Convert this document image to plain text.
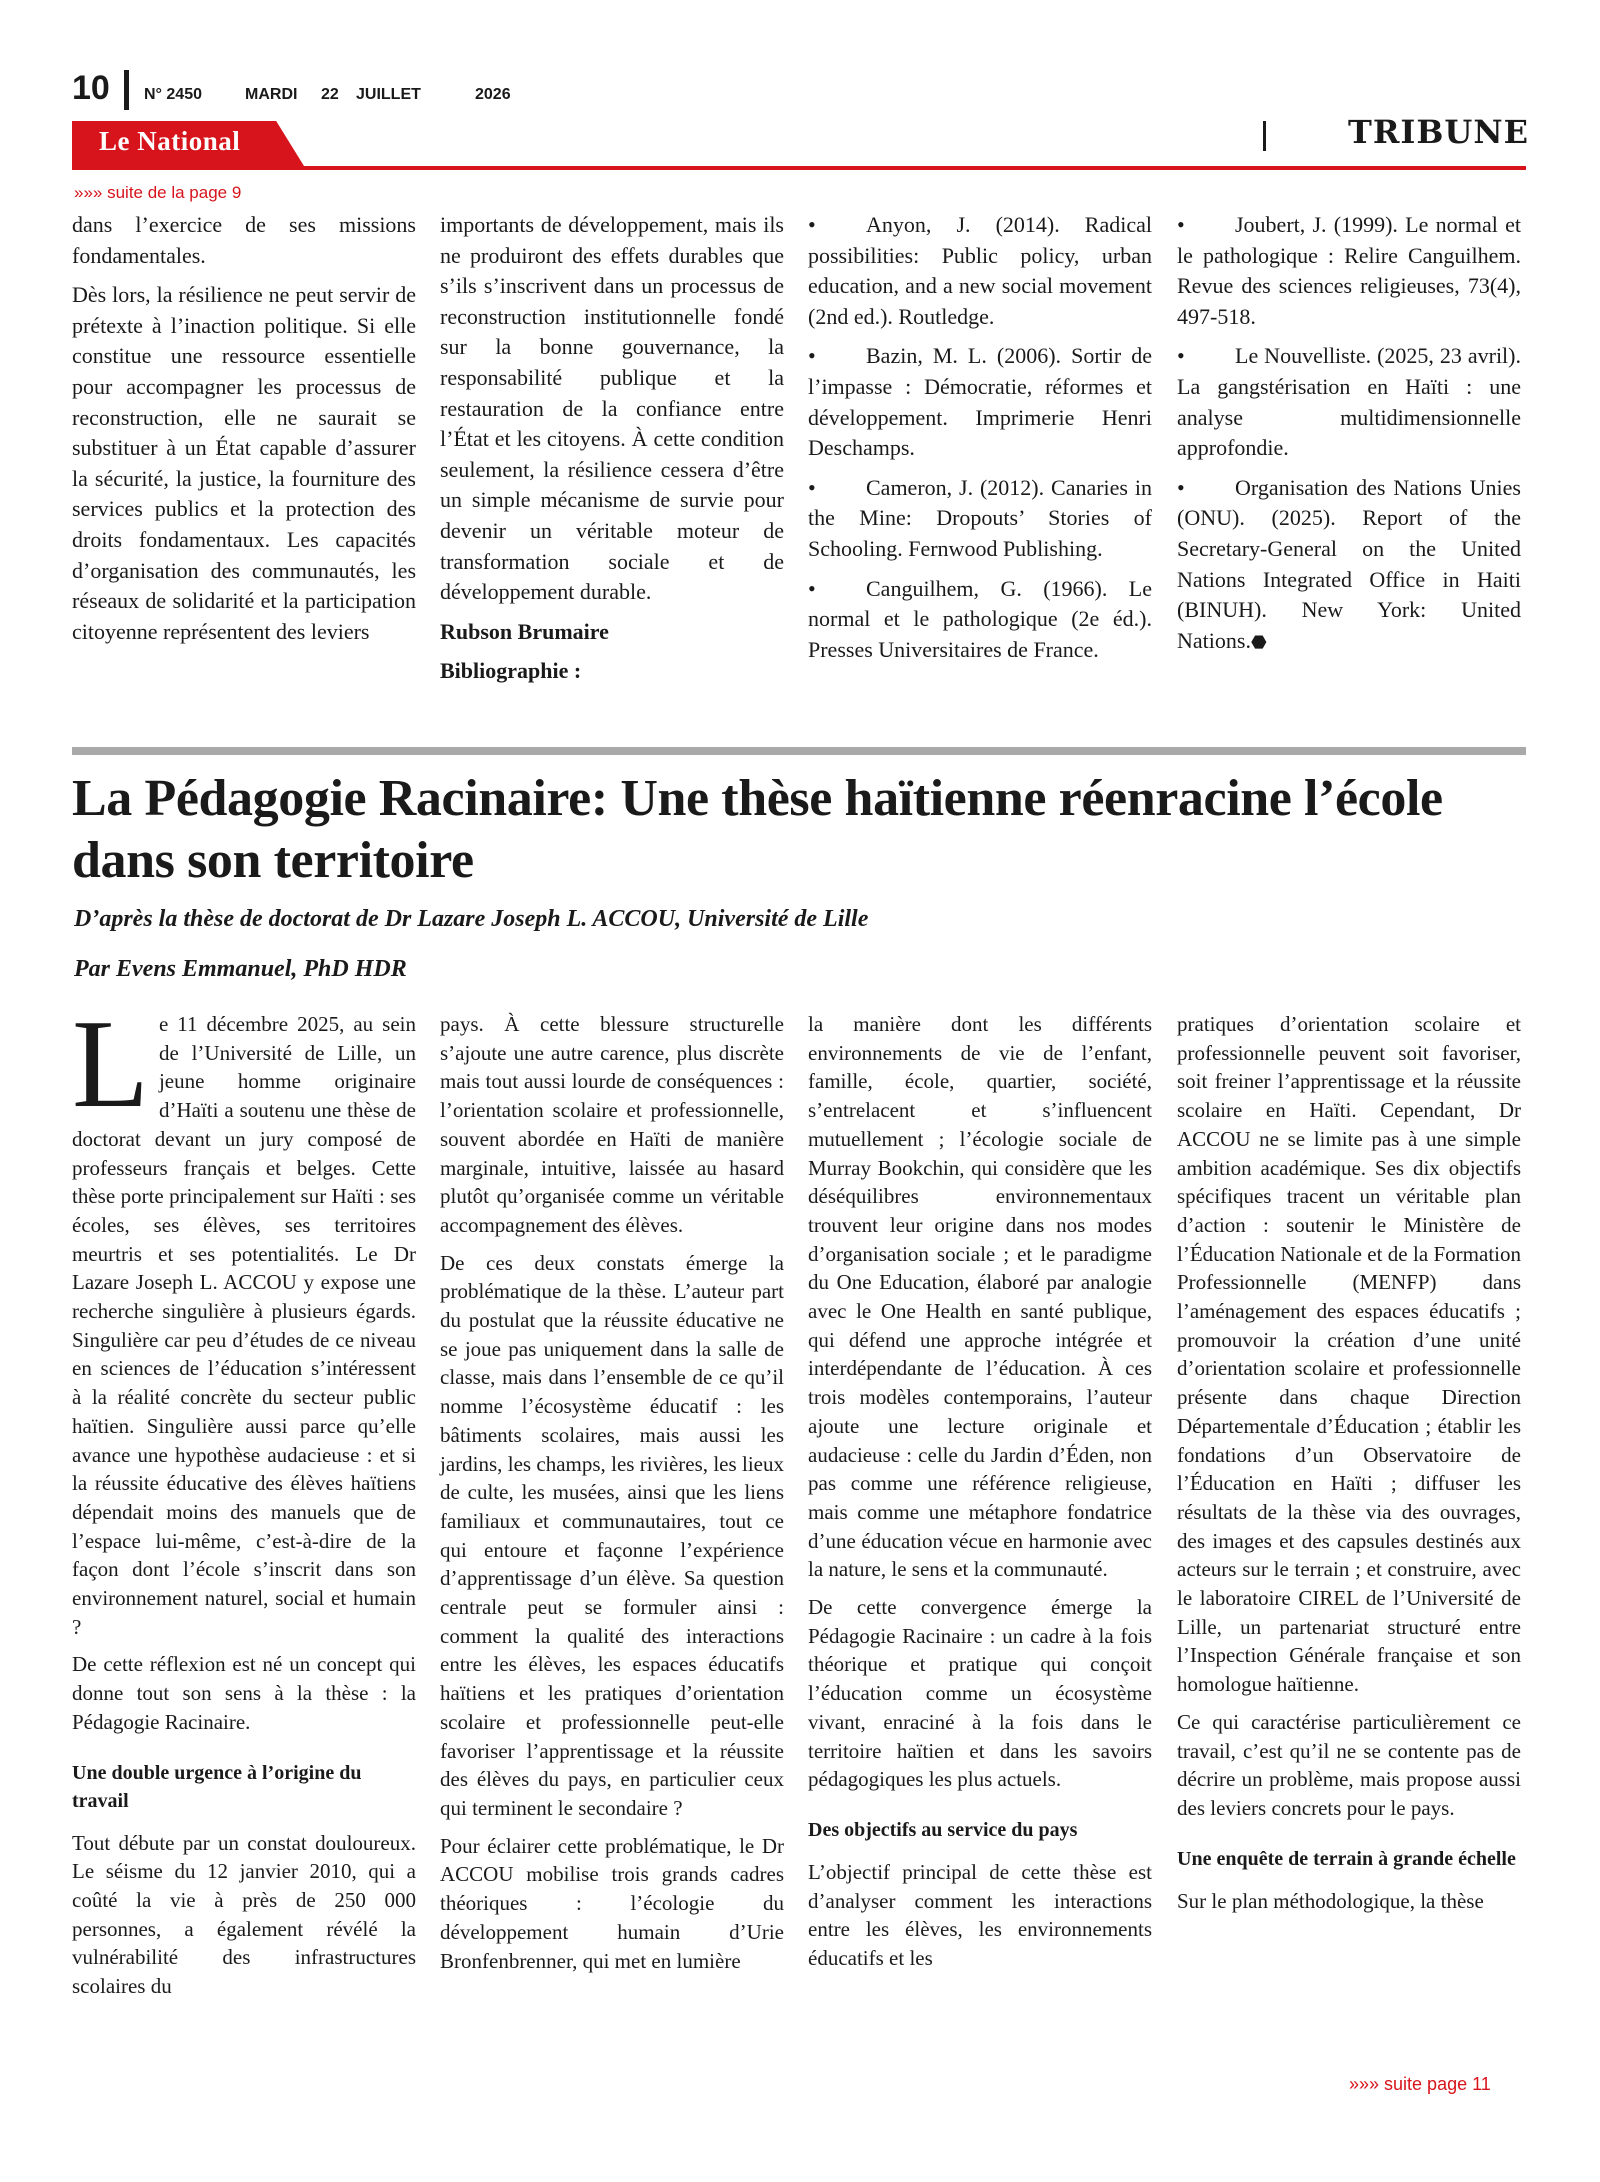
10 N° 2450	MARDI 22 JUILLET	2026
Le National	TRIBUNE
»»» suite de la page 9

dans l’exercice de ses missions fondamentales.

Dès lors, la résilience ne peut servir de prétexte à l’inaction politique. Si elle constitue une ressource essentielle pour accompagner les processus de reconstruction, elle ne saurait se substituer à un État capable d’assurer la sécurité, la justice, la fourniture des services publics et la protection des droits fondamentaux. Les capacités d’organisation des communautés, les réseaux de solidarité et la participation citoyenne représentent des leviers

importants de développement, mais ils ne produiront des effets durables que s’ils s’inscrivent dans un processus de reconstruction institutionnelle fondé sur la bonne gouvernance, la responsabilité publique et la restauration de la confiance entre l’État et les citoyens. À cette condition seulement, la résilience cessera d’être un simple mécanisme de survie pour devenir un véritable moteur de transformation sociale et de développement durable.

Rubson Brumaire

Bibliographie :

• Anyon, J. (2014). Radical possibilities: Public policy, urban education, and a new social movement (2nd ed.). Routledge.

• Bazin, M. L. (2006). Sortir de l’impasse : Démocratie, réformes et développement. Imprimerie Henri Deschamps.

• Cameron, J. (2012). Canaries in the Mine: Dropouts’ Stories of Schooling. Fernwood Publishing.

• Canguilhem, G. (1966). Le normal et le pathologique (2e éd.). Presses Universitaires de France.

• Joubert, J. (1999). Le normal et le pathologique : Relire Canguilhem. Revue des sciences religieuses, 73(4), 497-518.

• Le Nouvelliste. (2025, 23 avril). La gangstérisation en Haïti : une analyse multidimensionnelle approfondie.

• Organisation des Nations Unies (ONU). (2025). Report of the Secretary-General on the United Nations Integrated Office in Haiti (BINUH). New York: United Nations.⬣

La Pédagogie Racinaire: Une thèse haïtienne réenracine l’école dans son territoire
D’après la thèse de doctorat de Dr Lazare Joseph L. ACCOU, Université de Lille
Par Evens Emmanuel, PhD HDR

Le 11 décembre 2025, au sein de l’Université de Lille, un jeune homme originaire d’Haïti a soutenu une thèse de doctorat devant un jury composé de professeurs français et belges. Cette thèse porte principalement sur Haïti : ses écoles, ses élèves, ses territoires meurtris et ses potentialités. Le Dr Lazare Joseph L. ACCOU y expose une recherche singulière à plusieurs égards. Singulière car peu d’études de ce niveau en sciences de l’éducation s’intéressent à la réalité concrète du secteur public haïtien. Singulière aussi parce qu’elle avance une hypothèse audacieuse : et si la réussite éducative des élèves haïtiens dépendait moins des manuels que de l’espace lui-même, c’est-à-dire de la façon dont l’école s’inscrit dans son environnement naturel, social et humain ?

De cette réflexion est né un concept qui donne tout son sens à la thèse : la Pédagogie Racinaire.

Une double urgence à l’origine du travail

Tout débute par un constat douloureux. Le séisme du 12 janvier 2010, qui a coûté la vie à près de 250 000 personnes, a également révélé la vulnérabilité des infrastructures scolaires du

pays. À cette blessure structurelle s’ajoute une autre carence, plus discrète mais tout aussi lourde de conséquences : l’orientation scolaire et professionnelle, souvent abordée en Haïti de manière marginale, intuitive, laissée au hasard plutôt qu’organisée comme un véritable accompagnement des élèves.

De ces deux constats émerge la problématique de la thèse. L’auteur part du postulat que la réussite éducative ne se joue pas uniquement dans la salle de classe, mais dans l’ensemble de ce qu’il nomme l’écosystème éducatif : les bâtiments scolaires, mais aussi les jardins, les champs, les rivières, les lieux de culte, les musées, ainsi que les liens familiaux et communautaires, tout ce qui entoure et façonne l’expérience d’apprentissage d’un élève. Sa question centrale peut se formuler ainsi : comment la qualité des interactions entre les élèves, les espaces éducatifs haïtiens et les pratiques d’orientation scolaire et professionnelle peut-elle favoriser l’apprentissage et la réussite des élèves du pays, en particulier ceux qui terminent le secondaire ?

Pour éclairer cette problématique, le Dr ACCOU mobilise trois grands cadres théoriques : l’écologie du développement humain d’Urie Bronfenbrenner, qui met en lumière

la manière dont les différents environnements de vie de l’enfant, famille, école, quartier, société, s’entrelacent et s’influencent mutuellement ; l’écologie sociale de Murray Bookchin, qui considère que les déséquilibres environnementaux trouvent leur origine dans nos modes d’organisation sociale ; et le paradigme du One Education, élaboré par analogie avec le One Health en santé publique, qui défend une approche intégrée et interdépendante de l’éducation. À ces trois modèles contemporains, l’auteur ajoute une lecture originale et audacieuse : celle du Jardin d’Éden, non pas comme une référence religieuse, mais comme une métaphore fondatrice d’une éducation vécue en harmonie avec la nature, le sens et la communauté.

De cette convergence émerge la Pédagogie Racinaire : un cadre à la fois théorique et pratique qui conçoit l’éducation comme un écosystème vivant, enraciné à la fois dans le territoire haïtien et dans les savoirs pédagogiques les plus actuels.

Des objectifs au service du pays

L’objectif principal de cette thèse est d’analyser comment les interactions entre les élèves, les environnements éducatifs et les

pratiques d’orientation scolaire et professionnelle peuvent soit favoriser, soit freiner l’apprentissage et la réussite scolaire en Haïti. Cependant, Dr ACCOU ne se limite pas à une simple ambition académique. Ses dix objectifs spécifiques tracent un véritable plan d’action : soutenir le Ministère de l’Éducation Nationale et de la Formation Professionnelle (MENFP) dans l’aménagement des espaces éducatifs ; promouvoir la création d’une unité d’orientation scolaire et professionnelle présente dans chaque Direction Départementale d’Éducation ; établir les fondations d’un Observatoire de l’Éducation en Haïti ; diffuser les résultats de la thèse via des ouvrages, des images et des capsules destinés aux acteurs sur le terrain ; et construire, avec le laboratoire CIREL de l’Université de Lille, un partenariat structuré entre l’Inspection Générale française et son homologue haïtienne.

Ce qui caractérise particulièrement ce travail, c’est qu’il ne se contente pas de décrire un problème, mais propose aussi des leviers concrets pour le pays.

Une enquête de terrain à grande échelle

Sur le plan méthodologique, la thèse

»»» suite page 11
